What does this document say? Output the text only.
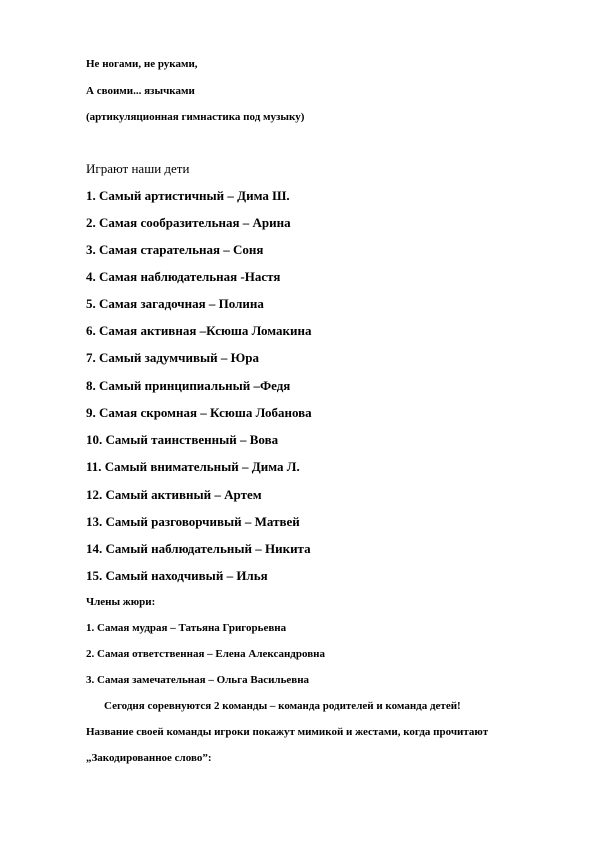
Не ногами, не руками,
А своими... язычками
(артикуляционная гимнастика под музыку)
Играют наши дети
1. Самый артистичный – Дима Ш.
2. Самая сообразительная – Арина
3. Самая старательная – Соня
4. Самая наблюдательная -Настя
5. Самая загадочная – Полина
6. Самая активная –Ксюша Ломакина
7. Самый задумчивый – Юра
8. Самый принципиальный –Федя
9. Самая скромная – Ксюша Лобанова
10. Самый таинственный – Вова
11. Самый внимательный – Дима Л.
12. Самый активный – Артем
13. Самый разговорчивый – Матвей
14. Самый наблюдательный – Никита
15. Самый находчивый – Илья
Члены жюри:
1. Самая мудрая – Татьяна Григорьевна
2. Самая ответственная – Елена Александровна
3. Самая замечательная – Ольга Васильевна
Сегодня соревнуются 2 команды – команда родителей и команда детей!
Название своей команды игроки покажут мимикой и жестами, когда прочитают
„Закодированное слово”:
